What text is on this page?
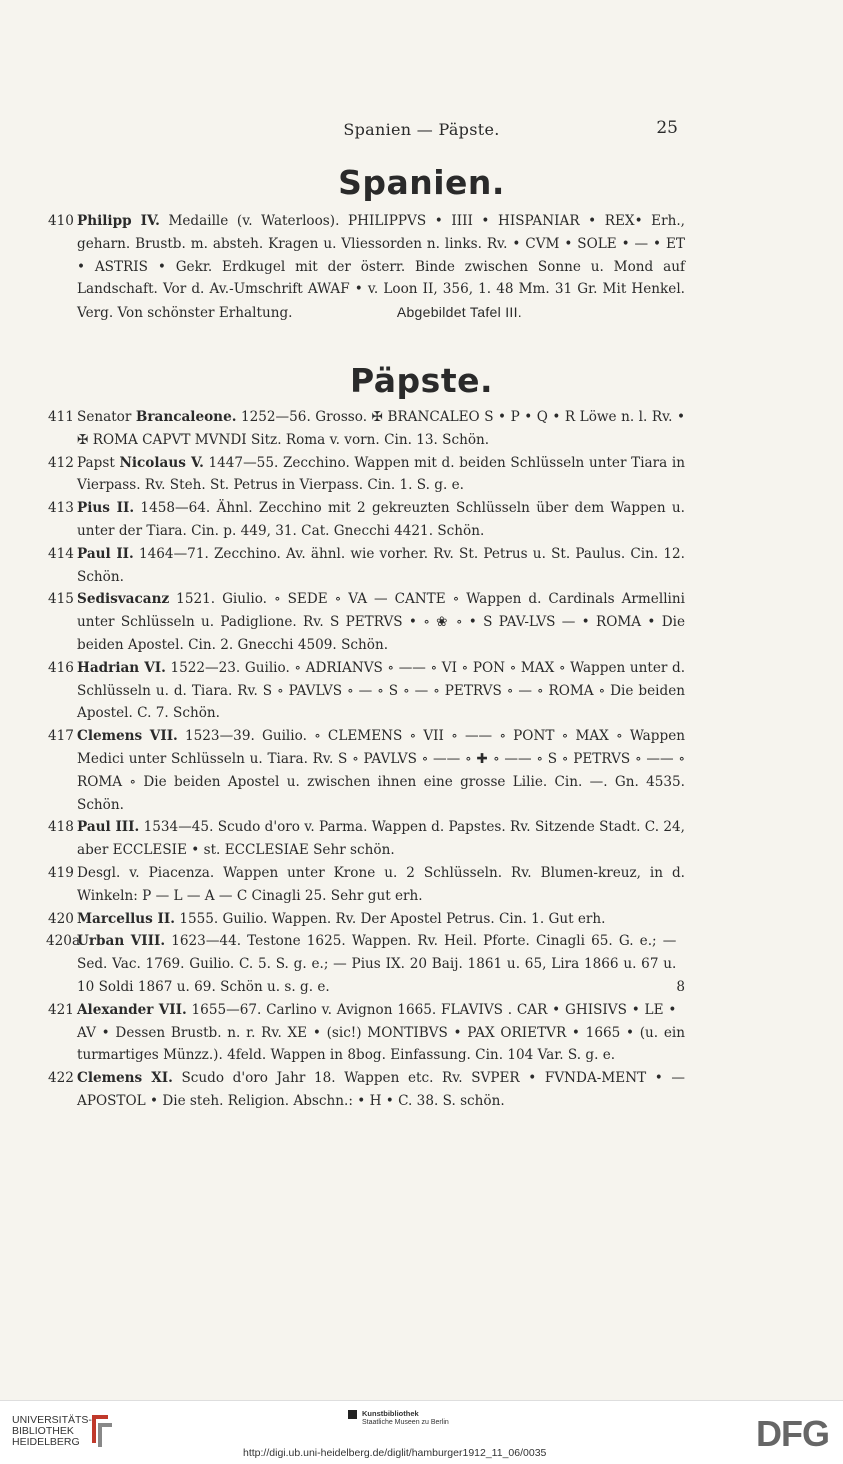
Spanien — Päpste.	25
Spanien.
410 Philipp IV. Medaille (v. Waterloos). PHILIPPVS • IIII • HISPANIAR • REX• Erh., geharn. Brustb. m. absteh. Kragen u. Vliessorden n. links. Rv. • CVM • SOLE • — • ET • ASTRIS • Gekr. Erdkugel mit der österr. Binde zwischen Sonne u. Mond auf Landschaft. Vor d. Av.-Umschrift AWAF • v. Loon II, 356, 1. 48 Mm. 31 Gr. Mit Henkel. Verg. Von schönster Erhaltung.	Abgebildet Tafel III.
Päpste.
411 Senator Brancaleone. 1252—56. Grosso. ✠ BRANCALEO S • P • Q • R Löwe n. l. Rv. • ✠ ROMA CAPVT MVNDI Sitz. Roma v. vorn. Cin. 13. Schön.
412 Papst Nicolaus V. 1447—55. Zecchino. Wappen mit d. beiden Schlüsseln unter Tiara in Vierpass. Rv. Steh. St. Petrus in Vierpass. Cin. 1. S. g. e.
413 Pius II. 1458—64. Ähnl. Zecchino mit 2 gekreuzten Schlüsseln über dem Wappen u. unter der Tiara. Cin. p. 449, 31. Cat. Gnecchi 4421. Schön.
414 Paul II. 1464—71. Zecchino. Av. ähnl. wie vorher. Rv. St. Petrus u. St. Paulus. Cin. 12. Schön.
415 Sedisvacanz 1521. Giulio. ∘ SEDE ∘ VA — CANTE ∘ Wappen d. Cardinals Armellini unter Schlüsseln u. Padiglione. Rv. S PETRVS • ∘ ❀ ∘ • S PAV-LVS — • ROMA • Die beiden Apostel. Cin. 2. Gnecchi 4509. Schön.
416 Hadrian VI. 1522—23. Guilio. ∘ ADRIANVS ∘ —— ∘ VI ∘ PON ∘ MAX ∘ Wappen unter d. Schlüsseln u. d. Tiara. Rv. S ∘ PAVLVS ∘ — ∘ S ∘ — ∘ PETRVS ∘ — ∘ ROMA ∘ Die beiden Apostel. C. 7. Schön.
417 Clemens VII. 1523—39. Guilio. ∘ CLEMENS ∘ VII ∘ —— ∘ PONT ∘ MAX ∘ Wappen Medici unter Schlüsseln u. Tiara. Rv. S ∘ PAVLVS ∘ —— ∘ ✚ ∘ —— ∘ S ∘ PETRVS ∘ —— ∘ ROMA ∘ Die beiden Apostel u. zwischen ihnen eine grosse Lilie. Cin. —. Gn. 4535. Schön.
418 Paul III. 1534—45. Scudo d'oro v. Parma. Wappen d. Papstes. Rv. Sitzende Stadt. C. 24, aber ECCLESIE • st. ECCLESIAE Sehr schön.
419 Desgl. v. Piacenza. Wappen unter Krone u. 2 Schlüsseln. Rv. Blumen-kreuz, in d. Winkeln: P — L — A — C Cinagli 25. Sehr gut erh.
420 Marcellus II. 1555. Guilio. Wappen. Rv. Der Apostel Petrus. Cin. 1. Gut erh.
420a
8
Urban VIII. 1623—44. Testone 1625. Wappen. Rv. Heil. Pforte. Cinagli 65. G. e.; — Sed. Vac. 1769. Guilio. C. 5. S. g. e.; — Pius IX. 20 Baij. 1861 u. 65, Lira 1866 u. 67 u. 10 Soldi 1867 u. 69. Schön u. s. g. e.
421 Alexander VII. 1655—67. Carlino v. Avignon 1665. FLAVIVS . CAR • GHISIVS • LE • AV • Dessen Brustb. n. r. Rv. XE • (sic!) MONTIBVS • PAX ORIETVR • 1665 • (u. ein turmartiges Münzz.). 4feld. Wappen in 8bog. Einfassung. Cin. 104 Var. S. g. e.
422 Clemens XI. Scudo d'oro Jahr 18. Wappen etc. Rv. SVPER • FVNDA-MENT • — APOSTOL • Die steh. Religion. Abschn.: • H • C. 38. S. schön.
UNIVERSITÄTS-
BIBLIOTHEK
HEIDELBERG
Kunstbibliothek
Staatliche Museen zu Berlin
http://digi.ub.uni-heidelberg.de/diglit/hamburger1912_11_06/0035	DFG
